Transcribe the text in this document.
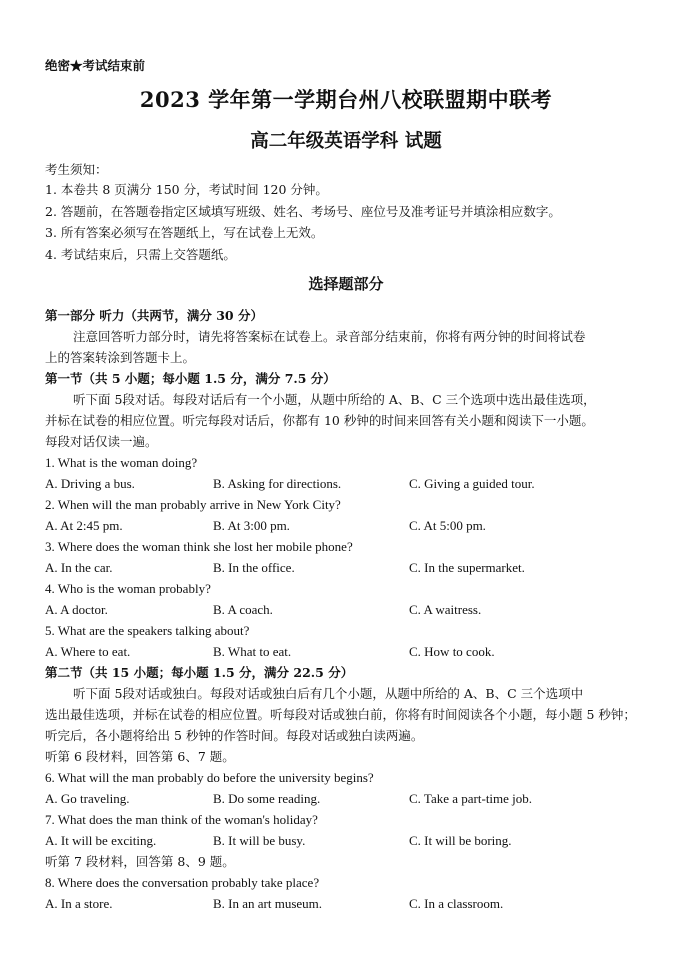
绝密★考试结束前
2023 学年第一学期台州八校联盟期中联考
高二年级英语学科 试题
考生须知：
1. 本卷共 8 页满分 150 分，考试时间 120 分钟。
2. 答题前，在答题卷指定区域填写班级、姓名、考场号、座位号及准考证号并填涂相应数字。
3. 所有答案必须写在答题纸上，写在试卷上无效。
4. 考试结束后，只需上交答题纸。
选择题部分
第一部分 听力（共两节，满分 30 分）
注意回答听力部分时，请先将答案标在试卷上。录音部分结束前，你将有两分钟的时间将试卷
上的答案转涂到答题卡上。
第一节（共 5 小题；每小题 1.5 分，满分 7.5 分）
听下面 5段对话。每段对话后有一个小题，从题中所给的 A、B、C 三个选项中选出最佳选项，
并标在试卷的相应位置。听完每段对话后，你都有 10 秒钟的时间来回答有关小题和阅读下一小题。
每段对话仅读一遍。
1. What is the woman doing?
A. Driving a bus.	B. Asking for directions.	C. Giving a guided tour.
2. When will the man probably arrive in New York City?
A. At 2:45 pm.	B. At 3:00 pm.	C. At 5:00 pm.
3. Where does the woman think she lost her mobile phone?
A. In the car.	B. In the office.	C. In the supermarket.
4. Who is the woman probably?
A. A doctor.	B. A coach.	C. A waitress.
5. What are the speakers talking about?
A. Where to eat.	B. What to eat.	C. How to cook.
第二节（共 15 小题；每小题 1.5 分，满分 22.5 分）
听下面 5段对话或独白。每段对话或独白后有几个小题，从题中所给的 A、B、C 三个选项中
选出最佳选项，并标在试卷的相应位置。听每段对话或独白前，你将有时间阅读各个小题，每小题 5 秒钟；
听完后，各小题将给出 5 秒钟的作答时间。每段对话或独白读两遍。
听第 6 段材料，回答第 6、7 题。
6. What will the man probably do before the university begins?
A. Go traveling.	B. Do some reading.	C. Take a part-time job.
7. What does the man think of the woman's holiday?
A. It will be exciting.	B. It will be busy.	C. It will be boring.
听第 7 段材料，回答第 8、9 题。
8. Where does the conversation probably take place?
A. In a store.	B. In an art museum.	C. In a classroom.
